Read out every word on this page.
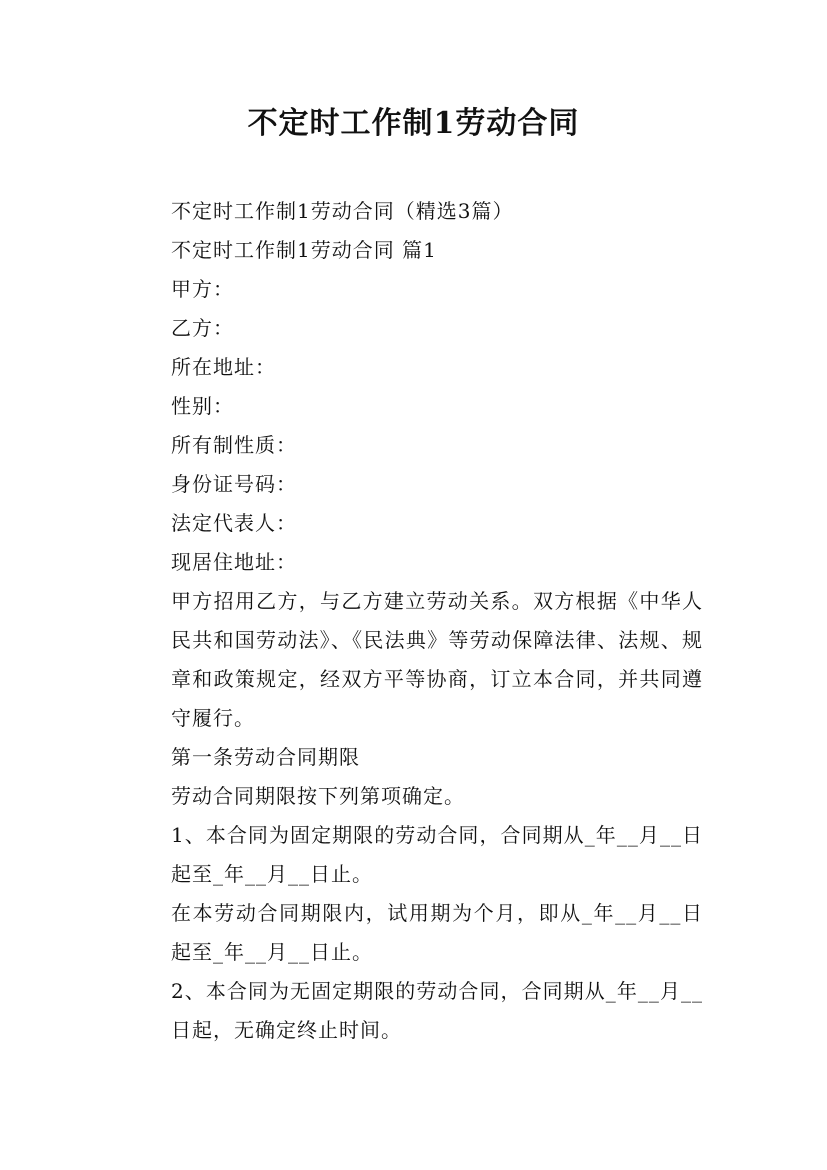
不定时工作制1劳动合同

不定时工作制1劳动合同（精选3篇）

不定时工作制1劳动合同 篇1

甲方：

乙方：

所在地址：

性别：

所有制性质：

身份证号码：

法定代表人：

现居住地址：

甲方招用乙方，与乙方建立劳动关系。双方根据《中华人民共和国劳动法》、《民法典》等劳动保障法律、法规、规章和政策规定，经双方平等协商，订立本合同，并共同遵守履行。

第一条劳动合同期限

劳动合同期限按下列第项确定。

1、本合同为固定期限的劳动合同，合同期从_年__月__日起至_年__月__日止。

在本劳动合同期限内，试用期为个月，即从_年__月__日起至_年__月__日止。

2、本合同为无固定期限的劳动合同，合同期从_年__月__日起，无确定终止时间。
